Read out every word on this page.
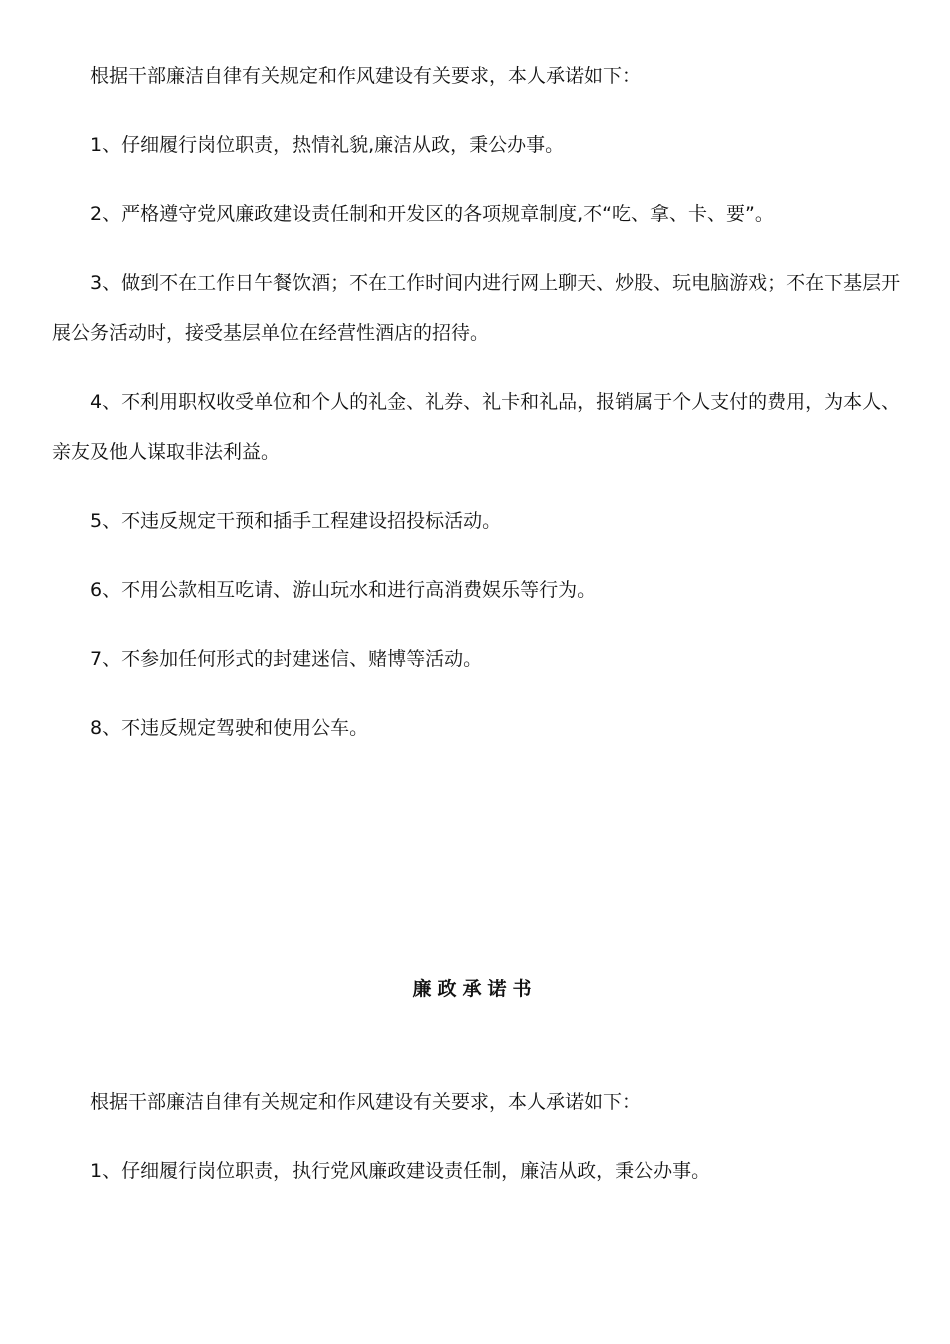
根据干部廉洁自律有关规定和作风建设有关要求，本人承诺如下：

1、仔细履行岗位职责，热情礼貌,廉洁从政，秉公办事。

2、严格遵守党风廉政建设责任制和开发区的各项规章制度,不“吃、拿、卡、要”。

3、做到不在工作日午餐饮酒；不在工作时间内进行网上聊天、炒股、玩电脑游戏；不在下基层开展公务活动时，接受基层单位在经营性酒店的招待。

4、不利用职权收受单位和个人的礼金、礼券、礼卡和礼品，报销属于个人支付的费用，为本人、亲友及他人谋取非法利益。

5、不违反规定干预和插手工程建设招投标活动。

6、不用公款相互吃请、游山玩水和进行高消费娱乐等行为。

7、不参加任何形式的封建迷信、赌博等活动。

8、不违反规定驾驶和使用公车。

廉政承诺书

根据干部廉洁自律有关规定和作风建设有关要求，本人承诺如下：

1、仔细履行岗位职责，执行党风廉政建设责任制，廉洁从政，秉公办事。
